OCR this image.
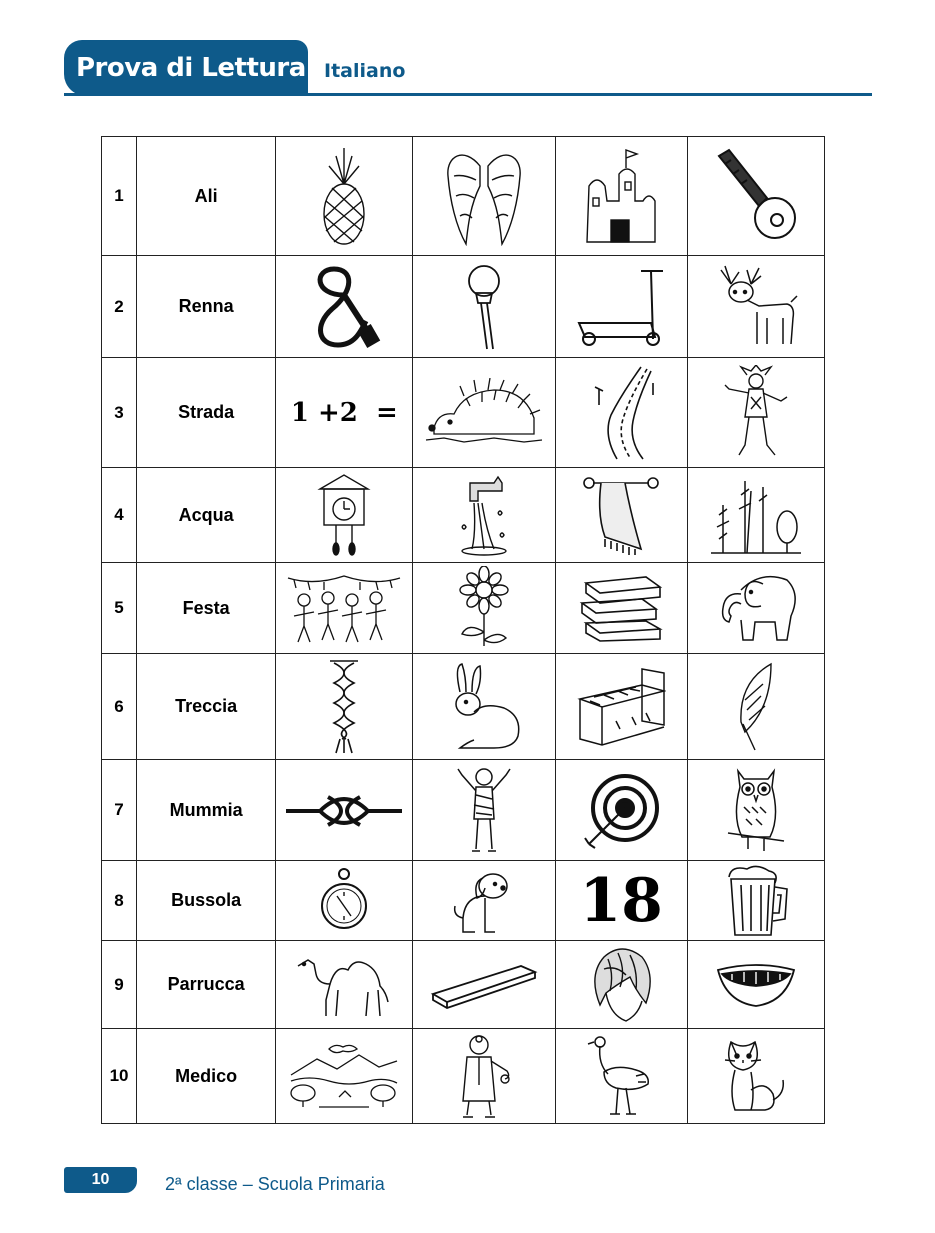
Prova di Lettura Italiano
1	Ali	

2	Renna	

3	Strada	1 +2 =	

4	Acqua	

5	Festa	

6	Treccia	

7	Mummia	

8	Bussola			18	

9	Parrucca	

10	Medico	

10	2ª classe – Scuola Primaria
